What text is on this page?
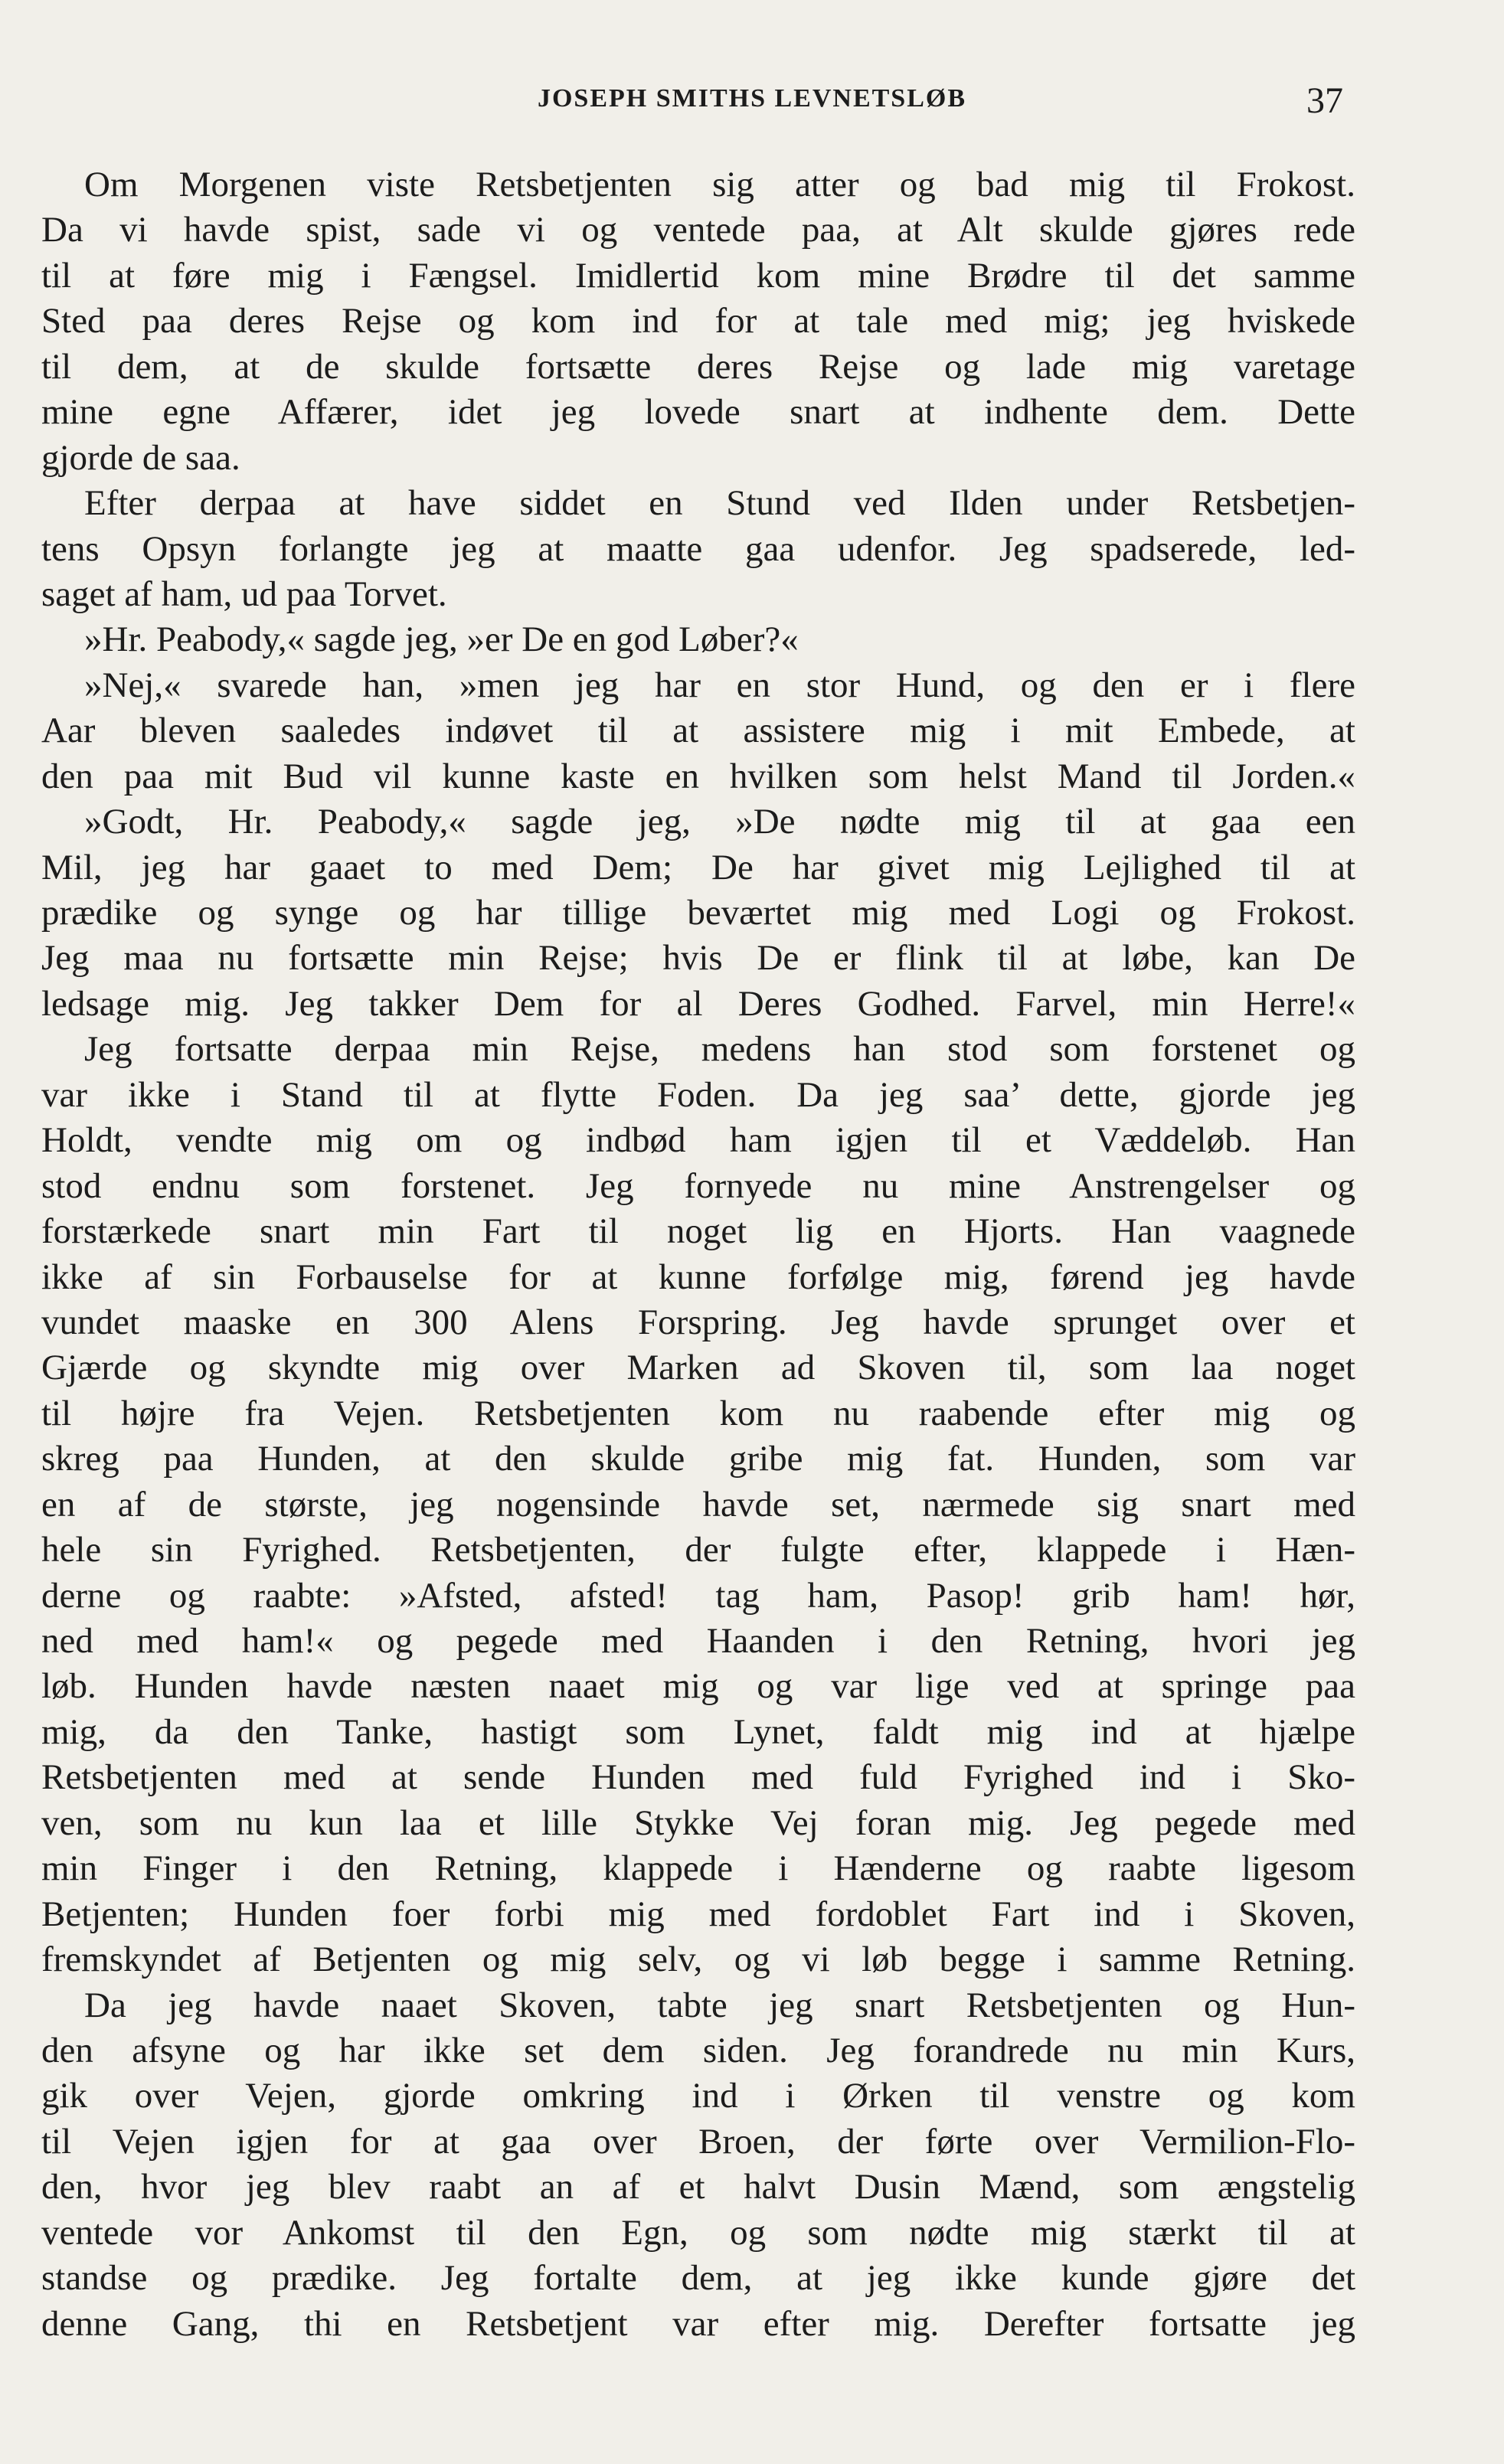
JOSEPH SMITHS LEVNETSLØB	37
Om Morgenen viste Retsbetjenten sig atter og bad mig til Frokost.
Da vi havde spist, sade vi og ventede paa, at Alt skulde gjøres rede
til at føre mig i Fængsel. Imidlertid kom mine Brødre til det samme
Sted paa deres Rejse og kom ind for at tale med mig; jeg hviskede
til dem, at de skulde fortsætte deres Rejse og lade mig varetage
mine egne Affærer, idet jeg lovede snart at indhente dem. Dette
gjorde de saa.
Efter derpaa at have siddet en Stund ved Ilden under Retsbetjen-
tens Opsyn forlangte jeg at maatte gaa udenfor. Jeg spadserede, led-
saget af ham, ud paa Torvet.
»Hr. Peabody,« sagde jeg, »er De en god Løber?«
»Nej,« svarede han, »men jeg har en stor Hund, og den er i flere
Aar bleven saaledes indøvet til at assistere mig i mit Embede, at
den paa mit Bud vil kunne kaste en hvilken som helst Mand til Jorden.«
»Godt, Hr. Peabody,« sagde jeg, »De nødte mig til at gaa een
Mil, jeg har gaaet to med Dem; De har givet mig Lejlighed til at
prædike og synge og har tillige beværtet mig med Logi og Frokost.
Jeg maa nu fortsætte min Rejse; hvis De er flink til at løbe, kan De
ledsage mig. Jeg takker Dem for al Deres Godhed. Farvel, min Herre!«
Jeg fortsatte derpaa min Rejse, medens han stod som forstenet og
var ikke i Stand til at flytte Foden. Da jeg saa’ dette, gjorde jeg
Holdt, vendte mig om og indbød ham igjen til et Væddeløb. Han
stod endnu som forstenet. Jeg fornyede nu mine Anstrengelser og
forstærkede snart min Fart til noget lig en Hjorts. Han vaagnede
ikke af sin Forbauselse for at kunne forfølge mig, førend jeg havde
vundet maaske en 300 Alens Forspring. Jeg havde sprunget over et
Gjærde og skyndte mig over Marken ad Skoven til, som laa noget
til højre fra Vejen. Retsbetjenten kom nu raabende efter mig og
skreg paa Hunden, at den skulde gribe mig fat. Hunden, som var
en af de største, jeg nogensinde havde set, nærmede sig snart med
hele sin Fyrighed. Retsbetjenten, der fulgte efter, klappede i Hæn-
derne og raabte: »Afsted, afsted! tag ham, Pasop! grib ham! hør,
ned med ham!« og pegede med Haanden i den Retning, hvori jeg
løb. Hunden havde næsten naaet mig og var lige ved at springe paa
mig, da den Tanke, hastigt som Lynet, faldt mig ind at hjælpe
Retsbetjenten med at sende Hunden med fuld Fyrighed ind i Sko-
ven, som nu kun laa et lille Stykke Vej foran mig. Jeg pegede med
min Finger i den Retning, klappede i Hænderne og raabte ligesom
Betjenten; Hunden foer forbi mig med fordoblet Fart ind i Skoven,
fremskyndet af Betjenten og mig selv, og vi løb begge i samme Retning.
Da jeg havde naaet Skoven, tabte jeg snart Retsbetjenten og Hun-
den afsyne og har ikke set dem siden. Jeg forandrede nu min Kurs,
gik over Vejen, gjorde omkring ind i Ørken til venstre og kom
til Vejen igjen for at gaa over Broen, der førte over Vermilion-Flo-
den, hvor jeg blev raabt an af et halvt Dusin Mænd, som ængstelig
ventede vor Ankomst til den Egn, og som nødte mig stærkt til at
standse og prædike. Jeg fortalte dem, at jeg ikke kunde gjøre det
denne Gang, thi en Retsbetjent var efter mig. Derefter fortsatte jeg
